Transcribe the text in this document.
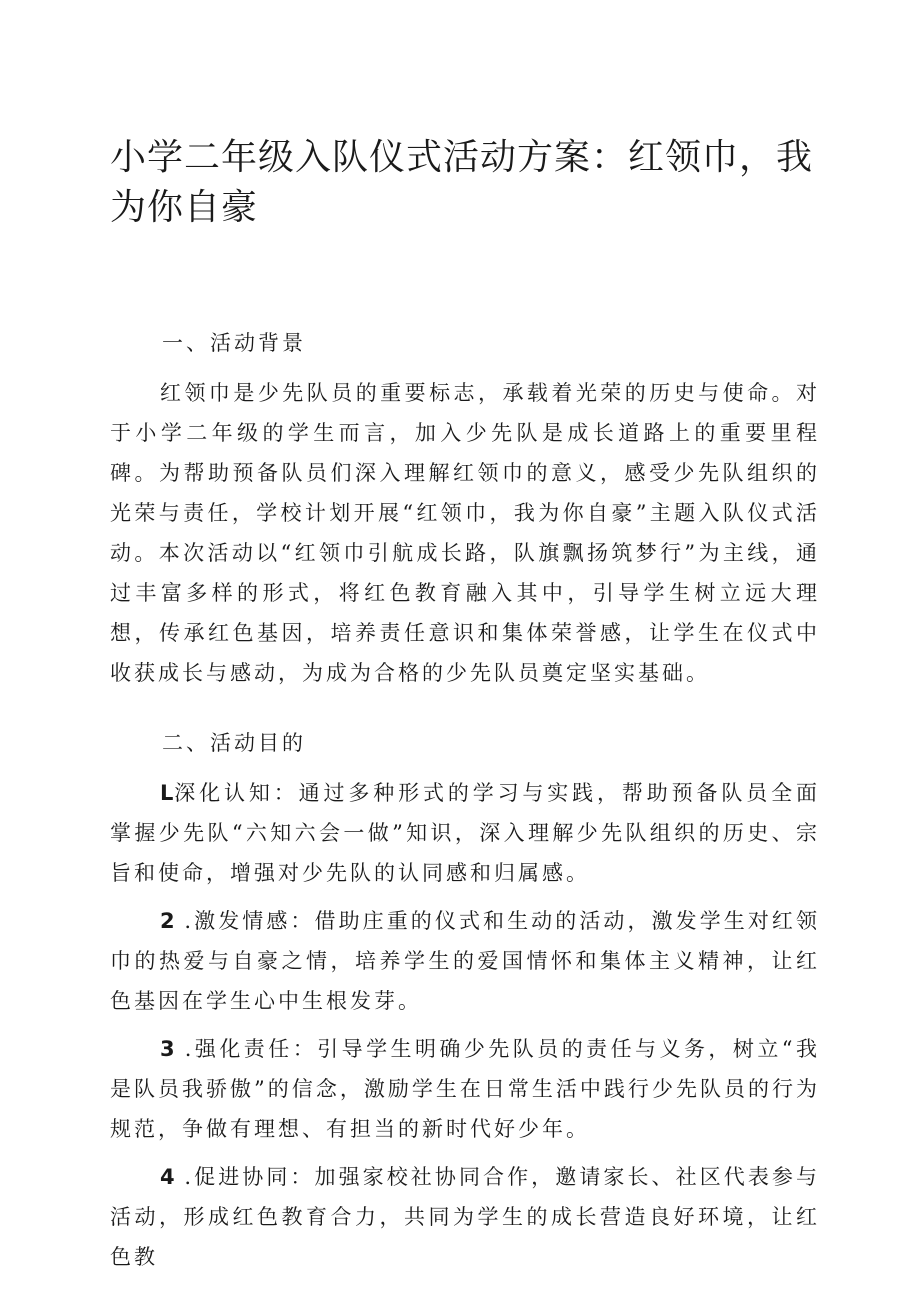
小学二年级入队仪式活动方案：红领巾，我为你自豪

一、活动背景

红领巾是少先队员的重要标志，承载着光荣的历史与使命。对于小学二年级的学生而言，加入少先队是成长道路上的重要里程碑。为帮助预备队员们深入理解红领巾的意义，感受少先队组织的光荣与责任，学校计划开展“红领巾，我为你自豪”主题入队仪式活动。本次活动以“红领巾引航成长路，队旗飘扬筑梦行”为主线，通过丰富多样的形式，将红色教育融入其中，引导学生树立远大理想，传承红色基因，培养责任意识和集体荣誉感，让学生在仪式中收获成长与感动，为成为合格的少先队员奠定坚实基础。

二、活动目的

L深化认知：通过多种形式的学习与实践，帮助预备队员全面掌握少先队“六知六会一做”知识，深入理解少先队组织的历史、宗旨和使命，增强对少先队的认同感和归属感。

2 .激发情感：借助庄重的仪式和生动的活动，激发学生对红领巾的热爱与自豪之情，培养学生的爱国情怀和集体主义精神，让红色基因在学生心中生根发芽。

3 .强化责任：引导学生明确少先队员的责任与义务，树立“我是队员我骄傲”的信念，激励学生在日常生活中践行少先队员的行为规范，争做有理想、有担当的新时代好少年。

4 .促进协同：加强家校社协同合作，邀请家长、社区代表参与活动，形成红色教育合力，共同为学生的成长营造良好环境，让红色教
